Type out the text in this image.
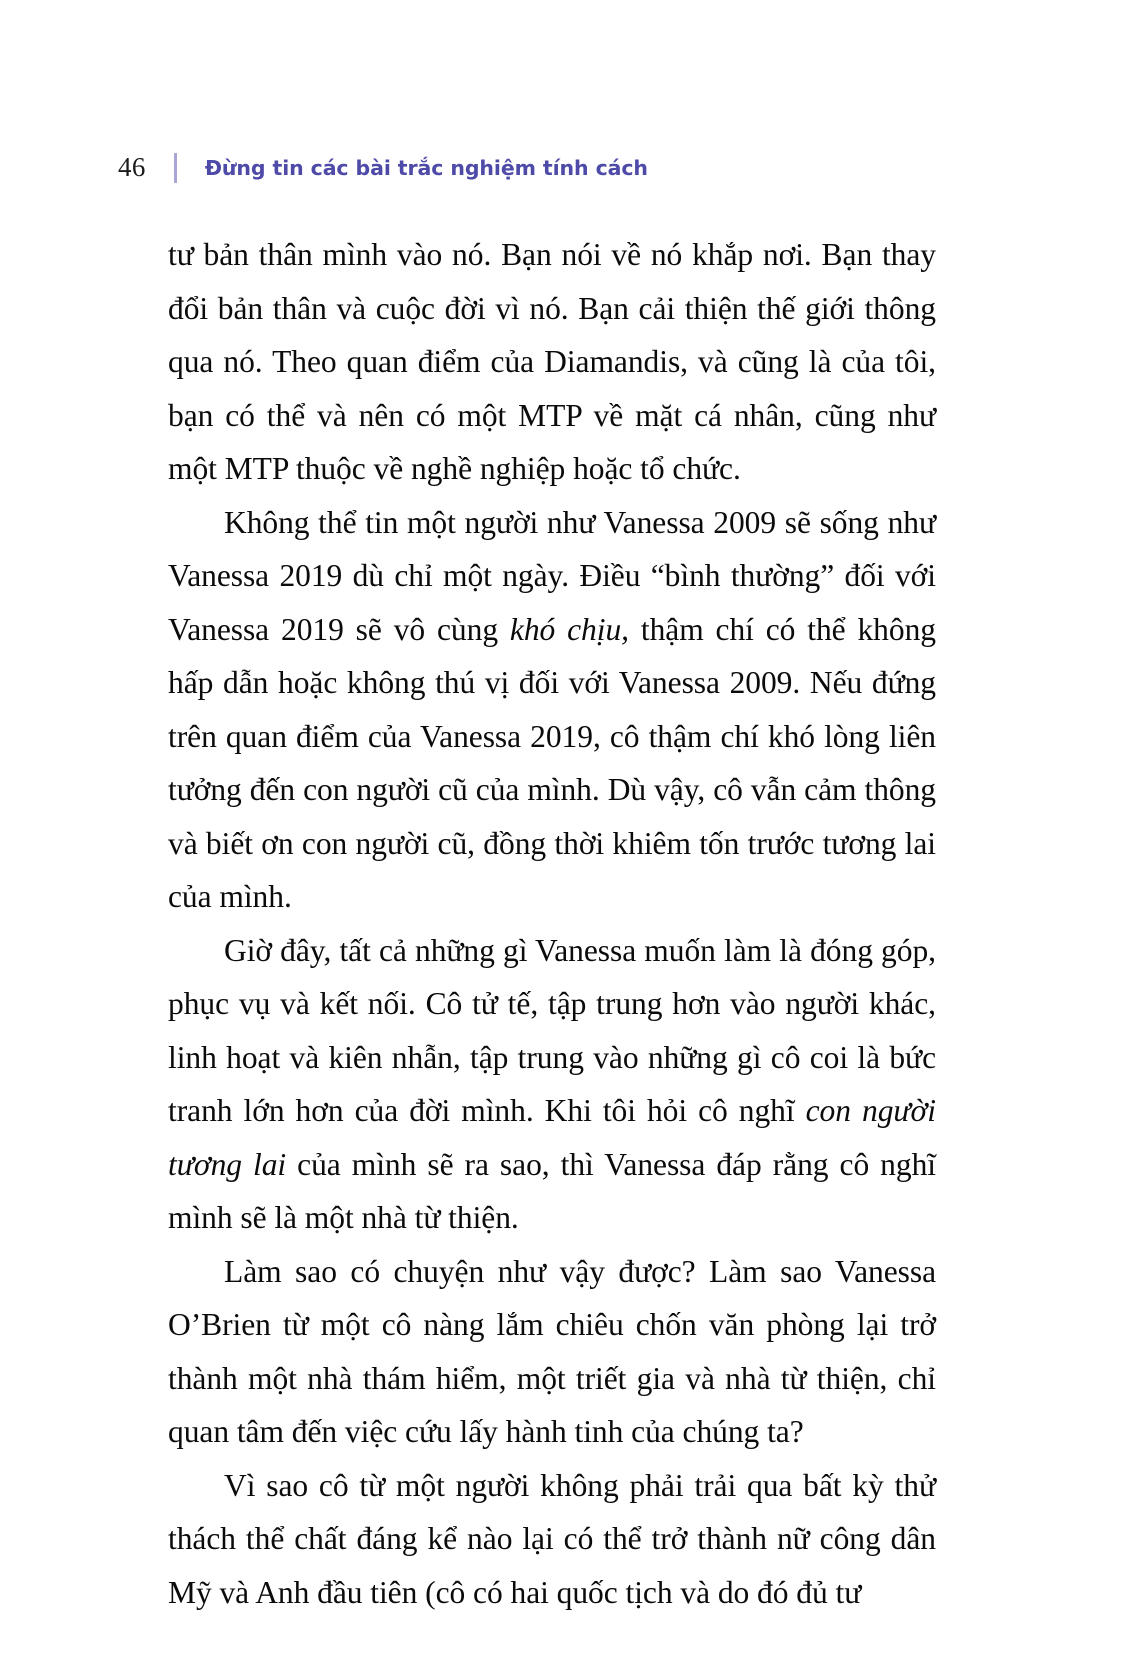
46	Đừng tin các bài trắc nghiệm tính cách

tư bản thân mình vào nó. Bạn nói về nó khắp nơi. Bạn thay đổi bản thân và cuộc đời vì nó. Bạn cải thiện thế giới thông qua nó. Theo quan điểm của Diamandis, và cũng là của tôi, bạn có thể và nên có một MTP về mặt cá nhân, cũng như một MTP thuộc về nghề nghiệp hoặc tổ chức.

Không thể tin một người như Vanessa 2009 sẽ sống như Vanessa 2019 dù chỉ một ngày. Điều “bình thường” đối với Vanessa 2019 sẽ vô cùng khó chịu, thậm chí có thể không hấp dẫn hoặc không thú vị đối với Vanessa 2009. Nếu đứng trên quan điểm của Vanessa 2019, cô thậm chí khó lòng liên tưởng đến con người cũ của mình. Dù vậy, cô vẫn cảm thông và biết ơn con người cũ, đồng thời khiêm tốn trước tương lai của mình.

Giờ đây, tất cả những gì Vanessa muốn làm là đóng góp, phục vụ và kết nối. Cô tử tế, tập trung hơn vào người khác, linh hoạt và kiên nhẫn, tập trung vào những gì cô coi là bức tranh lớn hơn của đời mình. Khi tôi hỏi cô nghĩ con người tương lai của mình sẽ ra sao, thì Vanessa đáp rằng cô nghĩ mình sẽ là một nhà từ thiện.

Làm sao có chuyện như vậy được? Làm sao Vanessa O’Brien từ một cô nàng lắm chiêu chốn văn phòng lại trở thành một nhà thám hiểm, một triết gia và nhà từ thiện, chỉ quan tâm đến việc cứu lấy hành tinh của chúng ta?

Vì sao cô từ một người không phải trải qua bất kỳ thử thách thể chất đáng kể nào lại có thể trở thành nữ công dân Mỹ và Anh đầu tiên (cô có hai quốc tịch và do đó đủ tư
